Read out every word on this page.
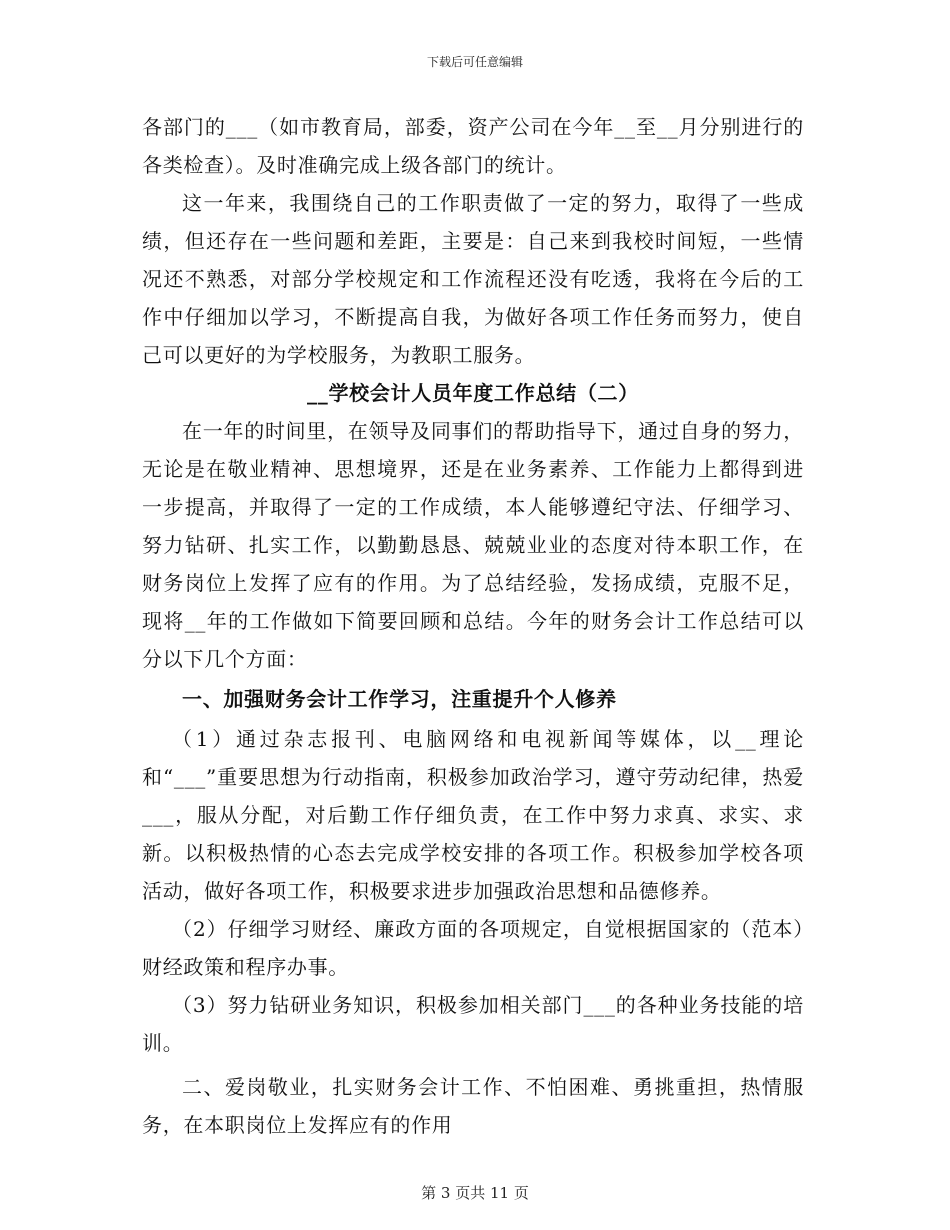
下载后可任意编辑

各部门的___（如市教育局，部委，资产公司在今年__至__月分别进行的各类检查）。及时准确完成上级各部门的统计。

这一年来，我围绕自己的工作职责做了一定的努力，取得了一些成绩，但还存在一些问题和差距，主要是：自己来到我校时间短，一些情况还不熟悉，对部分学校规定和工作流程还没有吃透，我将在今后的工作中仔细加以学习，不断提高自我，为做好各项工作任务而努力，使自己可以更好的为学校服务，为教职工服务。

__学校会计人员年度工作总结（二）

在一年的时间里，在领导及同事们的帮助指导下，通过自身的努力，无论是在敬业精神、思想境界，还是在业务素养、工作能力上都得到进一步提高，并取得了一定的工作成绩，本人能够遵纪守法、仔细学习、努力钻研、扎实工作，以勤勤恳恳、兢兢业业的态度对待本职工作，在财务岗位上发挥了应有的作用。为了总结经验，发扬成绩，克服不足，现将__年的工作做如下简要回顾和总结。今年的财务会计工作总结可以分以下几个方面：

一、加强财务会计工作学习，注重提升个人修养

（1）通过杂志报刊、电脑网络和电视新闻等媒体，以__理论和“___”重要思想为行动指南，积极参加政治学习，遵守劳动纪律，热爱___，服从分配，对后勤工作仔细负责，在工作中努力求真、求实、求新。以积极热情的心态去完成学校安排的各项工作。积极参加学校各项活动，做好各项工作，积极要求进步加强政治思想和品德修养。

（2）仔细学习财经、廉政方面的各项规定，自觉根据国家的（范本）财经政策和程序办事。

（3）努力钻研业务知识，积极参加相关部门___的各种业务技能的培训。

二、爱岗敬业，扎实财务会计工作、不怕困难、勇挑重担，热情服务，在本职岗位上发挥应有的作用

第 3 页共 11 页
